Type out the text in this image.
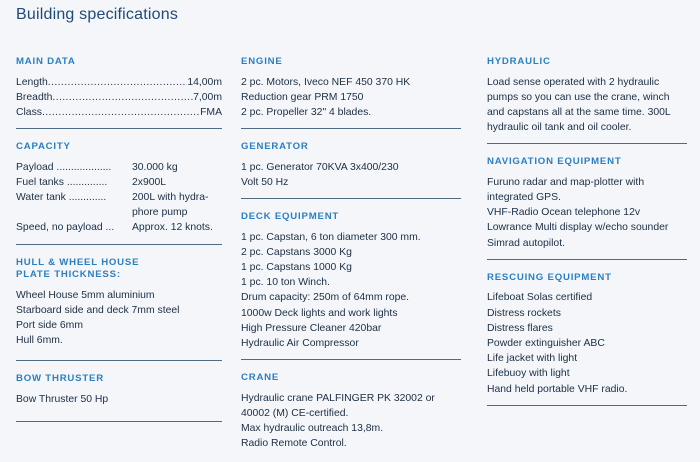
Building specifications
MAIN DATA
Length .....	14,00m
Breadth .....	7,00m
Class .....	FMA
CAPACITY
Payload ...................	30.000 kg
Fuel tanks ..............	2x900L
Water tank .............	200L with hydra-phore pump
Speed, no payload ...	Approx. 12 knots.
HULL & WHEEL HOUSE
PLATE THICKNESS:
Wheel House 5mm aluminium
Starboard side and deck 7mm steel
Port side 6mm
Hull 6mm.
BOW THRUSTER
Bow Thruster 50 Hp
ENGINE
2 pc. Motors, Iveco NEF 450 370 HK
Reduction gear PRM 1750
2 pc. Propeller 32" 4 blades.
GENERATOR
1 pc. Generator 70KVA 3x400/230
Volt 50 Hz
DECK EQUIPMENT
1 pc. Capstan, 6 ton diameter 300 mm.
2 pc. Capstans 3000 Kg
1 pc. Capstans 1000 Kg
1 pc. 10 ton Winch.
Drum capacity: 250m of 64mm rope.
1000w Deck lights and work lights
High Pressure Cleaner 420bar
Hydraulic Air Compressor
CRANE
Hydraulic crane PALFINGER PK 32002 or
40002 (M) CE-certified.
Max hydraulic outreach 13,8m.
Radio Remote Control.
HYDRAULIC
Load sense operated with 2 hydraulic pumps so you can use the crane, winch and capstans all at the same time. 300L hydraulic oil tank and oil cooler.
NAVIGATION EQUIPMENT
Furuno radar and map-plotter with
integrated GPS.
VHF-Radio Ocean telephone 12v
Lowrance Multi display w/echo sounder
Simrad autopilot.
RESCUING EQUIPMENT
Lifeboat Solas certified
Distress rockets
Distress flares
Powder extinguisher ABC
Life jacket with light
Lifebuoy with light
Hand held portable VHF radio.
